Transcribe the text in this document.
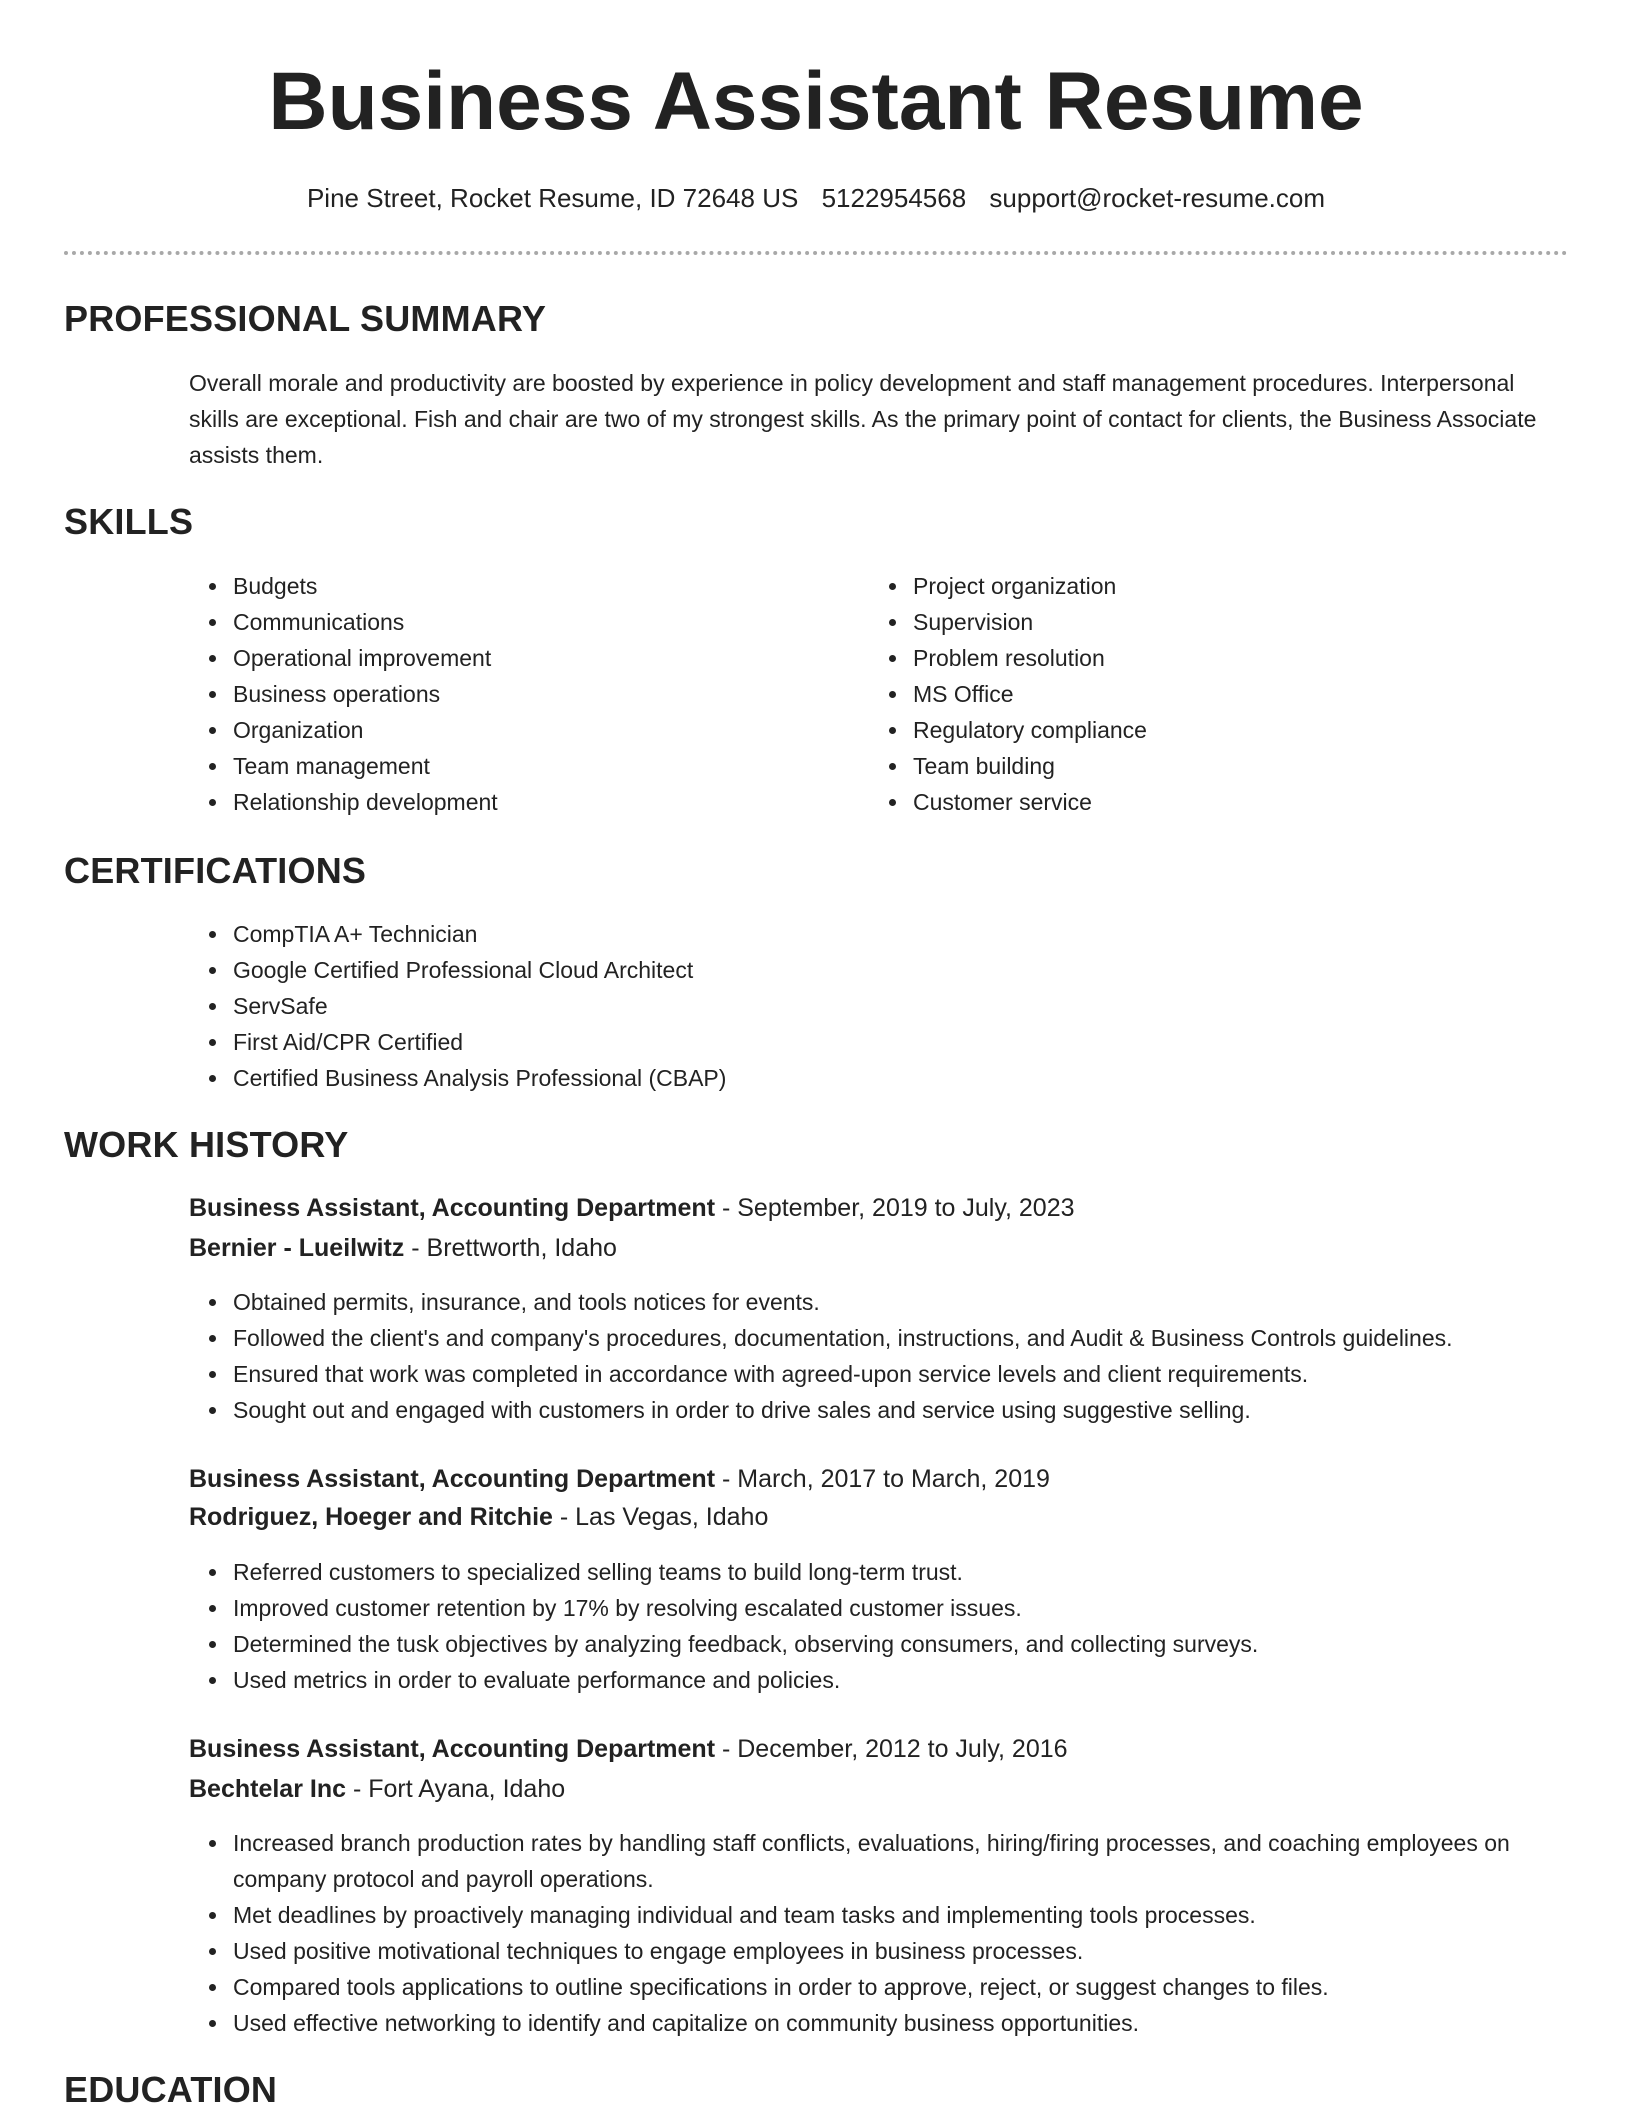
Business Assistant Resume
Pine Street, Rocket Resume, ID 72648 US 5122954568 support@rocket-resume.com
PROFESSIONAL SUMMARY

Overall morale and productivity are boosted by experience in policy development and staff management procedures. Interpersonal skills are exceptional. Fish and chair are two of my strongest skills. As the primary point of contact for clients, the Business Associate assists them.

SKILLS
Budgets
Communications
Operational improvement
Business operations
Organization
Team management
Relationship development
Project organization
Supervision
Problem resolution
MS Office
Regulatory compliance
Team building
Customer service
CERTIFICATIONS
CompTIA A+ Technician
Google Certified Professional Cloud Architect
ServSafe
First Aid/CPR Certified
Certified Business Analysis Professional (CBAP)
WORK HISTORY
Business Assistant, Accounting Department - September, 2019 to July, 2023
Bernier - Lueilwitz - Brettworth, Idaho
Obtained permits, insurance, and tools notices for events.
Followed the client's and company's procedures, documentation, instructions, and Audit & Business Controls guidelines.
Ensured that work was completed in accordance with agreed-upon service levels and client requirements.
Sought out and engaged with customers in order to drive sales and service using suggestive selling.
Business Assistant, Accounting Department - March, 2017 to March, 2019
Rodriguez, Hoeger and Ritchie - Las Vegas, Idaho
Referred customers to specialized selling teams to build long-term trust.
Improved customer retention by 17% by resolving escalated customer issues.
Determined the tusk objectives by analyzing feedback, observing consumers, and collecting surveys.
Used metrics in order to evaluate performance and policies.
Business Assistant, Accounting Department - December, 2012 to July, 2016
Bechtelar Inc - Fort Ayana, Idaho
Increased branch production rates by handling staff conflicts, evaluations, hiring/firing processes, and coaching employees on company protocol and payroll operations.
Met deadlines by proactively managing individual and team tasks and implementing tools processes.
Used positive motivational techniques to engage employees in business processes.
Compared tools applications to outline specifications in order to approve, reject, or suggest changes to files.
Used effective networking to identify and capitalize on community business opportunities.
EDUCATION
